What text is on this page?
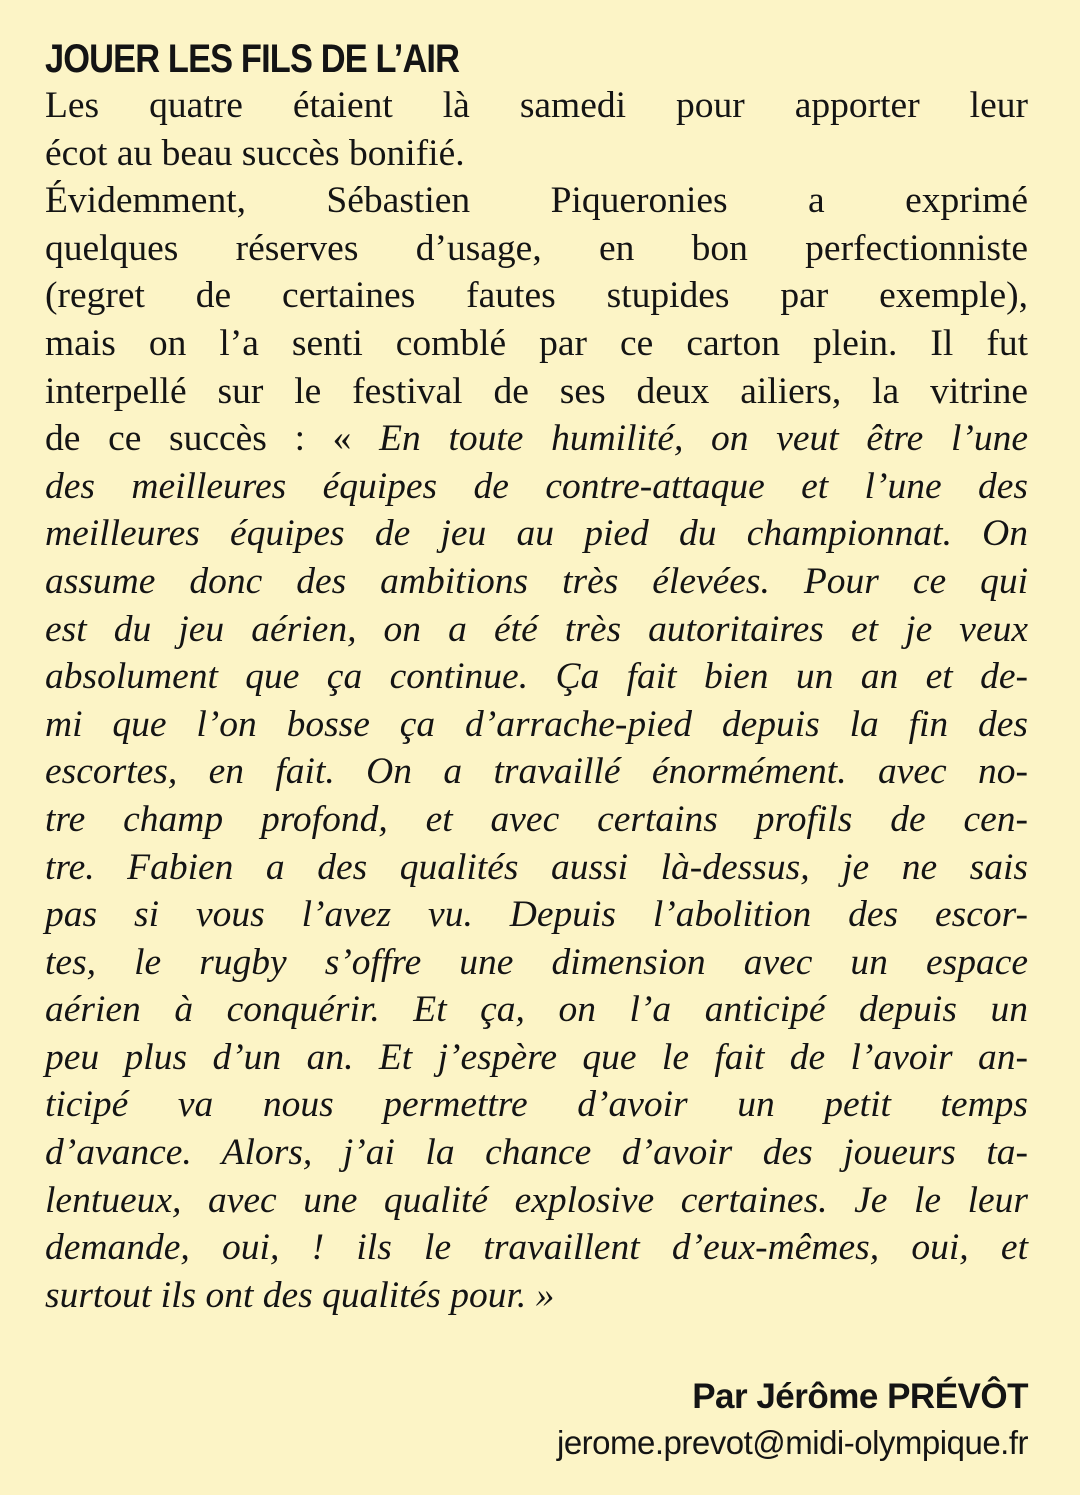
JOUER LES FILS DE L’AIR
Les quatre étaient là samedi pour apporter leur
écot au beau succès bonifié.
Évidemment, Sébastien Piqueronies a exprimé
quelques réserves d’usage, en bon perfectionniste
(regret de certaines fautes stupides par exemple),
mais on l’a senti comblé par ce carton plein. Il fut
interpellé sur le festival de ses deux ailiers, la vitrine
de ce succès : « En toute humilité, on veut être l’une
des meilleures équipes de contre-attaque et l’une des
meilleures équipes de jeu au pied du championnat. On
assume donc des ambitions très élevées. Pour ce qui
est du jeu aérien, on a été très autoritaires et je veux
absolument que ça continue. Ça fait bien un an et de-
mi que l’on bosse ça d’arrache-pied depuis la fin des
escortes, en fait. On a travaillé énormément. avec no-
tre champ profond, et avec certains profils de cen-
tre. Fabien a des qualités aussi là-dessus, je ne sais
pas si vous l’avez vu. Depuis l’abolition des escor-
tes, le rugby s’offre une dimension avec un espace
aérien à conquérir. Et ça, on l’a anticipé depuis un
peu plus d’un an. Et j’espère que le fait de l’avoir an-
ticipé va nous permettre d’avoir un petit temps
d’avance. Alors, j’ai la chance d’avoir des joueurs ta-
lentueux, avec une qualité explosive certaines. Je le leur
demande, oui, ! ils le travaillent d’eux-mêmes, oui, et
surtout ils ont des qualités pour. »
Par Jérôme PRÉVÔT
jerome.prevot@midi-olympique.fr
